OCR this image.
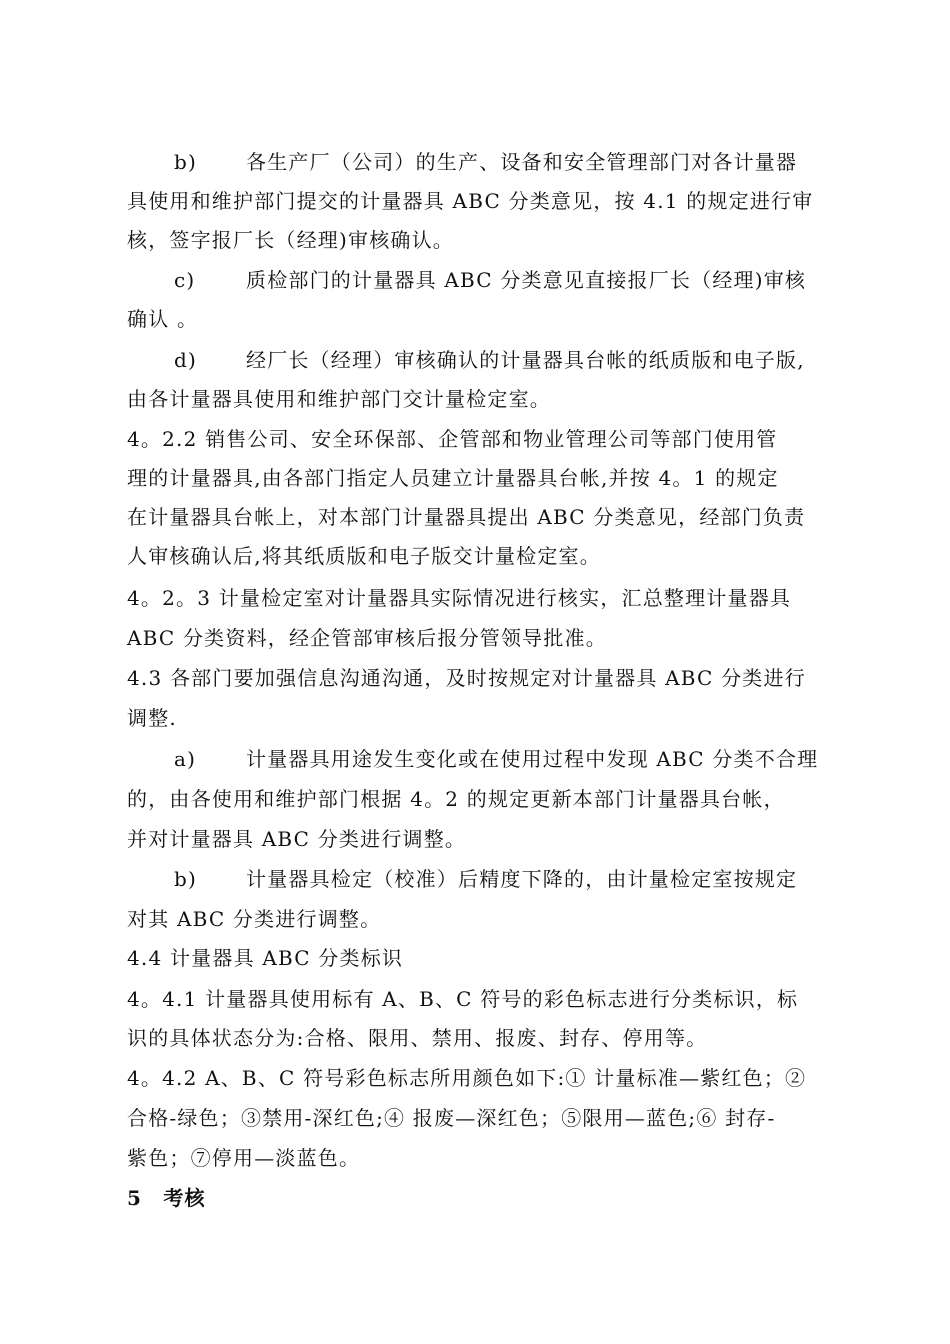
b) 各生产厂（公司）的生产、设备和安全管理部门对各计量器
具使用和维护部门提交的计量器具 ABC 分类意见，按 4.1 的规定进行审
核，签字报厂长（经理)审核确认。
c)	质检部门的计量器具 ABC 分类意见直接报厂长（经理)审核
确认 。
d) 经厂长（经理）审核确认的计量器具台帐的纸质版和电子版,
由各计量器具使用和维护部门交计量检定室。
4。2.2 销售公司、安全环保部、企管部和物业管理公司等部门使用管
理的计量器具,由各部门指定人员建立计量器具台帐,并按 4。1 的规定
在计量器具台帐上，对本部门计量器具提出 ABC 分类意见，经部门负责
人审核确认后,将其纸质版和电子版交计量检定室。
4。2。3 计量检定室对计量器具实际情况进行核实，汇总整理计量器具
ABC 分类资料，经企管部审核后报分管领导批准。
4.3 各部门要加强信息沟通沟通，及时按规定对计量器具 ABC 分类进行
调整.
a) 计量器具用途发生变化或在使用过程中发现 ABC 分类不合理
的，由各使用和维护部门根据 4。2 的规定更新本部门计量器具台帐，
并对计量器具 ABC 分类进行调整。
b) 计量器具检定（校准）后精度下降的，由计量检定室按规定
对其 ABC 分类进行调整。
4.4 计量器具 ABC 分类标识
4。4.1 计量器具使用标有 A、B、C 符号的彩色标志进行分类标识，标
识的具体状态分为:合格、限用、禁用、报废、封存、停用等。
4。4.2 A、B、C 符号彩色标志所用颜色如下:① 计量标准—紫红色；②
合格-绿色；③禁用-深红色;④ 报废—深红色；⑤限用—蓝色;⑥ 封存-
紫色；⑦停用—淡蓝色。
5　考核
